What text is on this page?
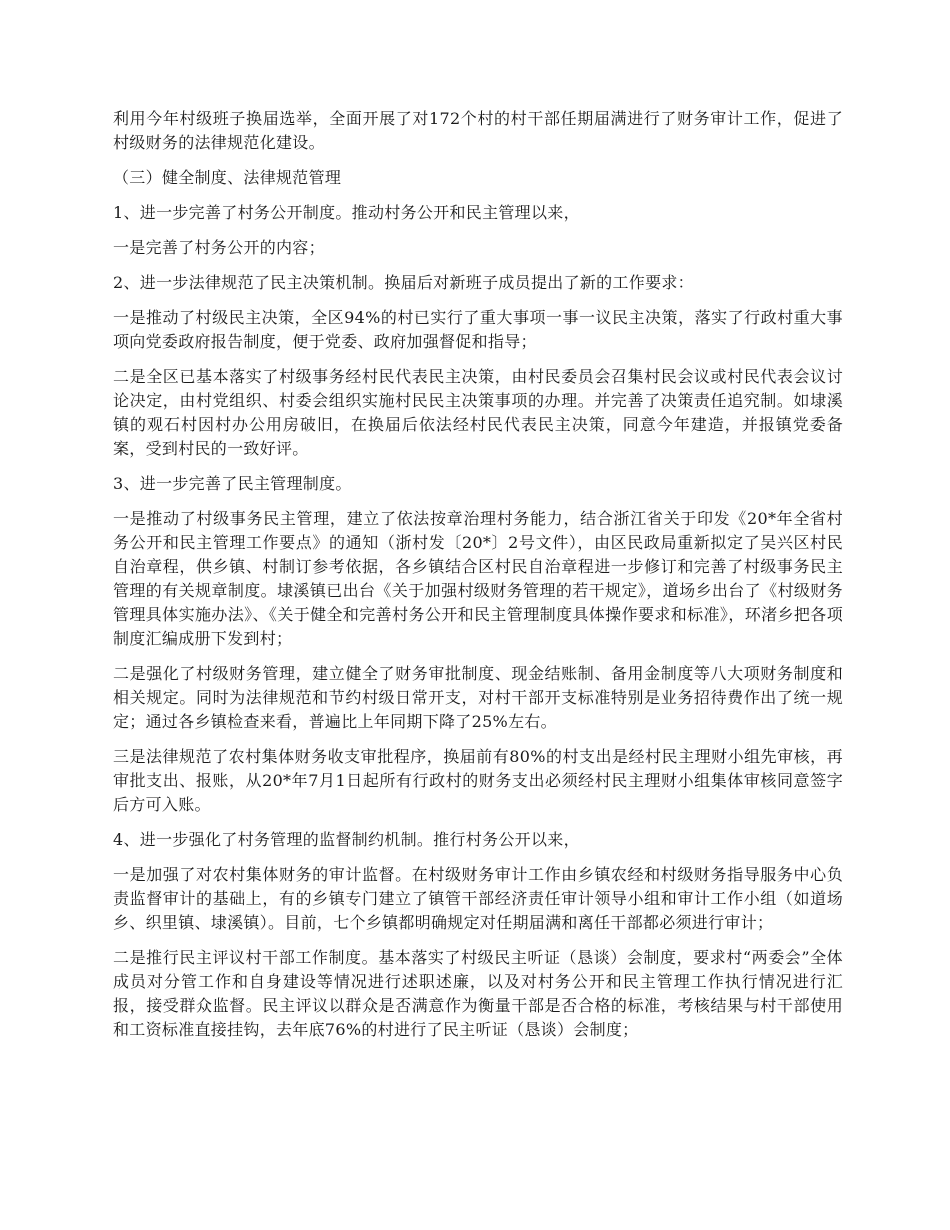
利用今年村级班子换届选举，全面开展了对172个村的村干部任期届满进行了财务审计工作，促进了村级财务的法律规范化建设。

（三）健全制度、法律规范管理

1、进一步完善了村务公开制度。推动村务公开和民主管理以来，

一是完善了村务公开的内容；

2、进一步法律规范了民主决策机制。换届后对新班子成员提出了新的工作要求：

一是推动了村级民主决策，全区94%的村已实行了重大事项一事一议民主决策，落实了行政村重大事项向党委政府报告制度，便于党委、政府加强督促和指导；

二是全区已基本落实了村级事务经村民代表民主决策，由村民委员会召集村民会议或村民代表会议讨论决定，由村党组织、村委会组织实施村民民主决策事项的办理。并完善了决策责任追究制。如埭溪镇的观石村因村办公用房破旧，在换届后依法经村民代表民主决策，同意今年建造，并报镇党委备案，受到村民的一致好评。

3、进一步完善了民主管理制度。

一是推动了村级事务民主管理，建立了依法按章治理村务能力，结合浙江省关于印发《20*年全省村务公开和民主管理工作要点》的通知（浙村发〔20*〕2号文件），由区民政局重新拟定了吴兴区村民自治章程，供乡镇、村制订参考依据，各乡镇结合区村民自治章程进一步修订和完善了村级事务民主管理的有关规章制度。埭溪镇已出台《关于加强村级财务管理的若干规定》，道场乡出台了《村级财务管理具体实施办法》、《关于健全和完善村务公开和民主管理制度具体操作要求和标准》，环渚乡把各项制度汇编成册下发到村；

二是强化了村级财务管理，建立健全了财务审批制度、现金结账制、备用金制度等八大项财务制度和相关规定。同时为法律规范和节约村级日常开支，对村干部开支标准特别是业务招待费作出了统一规定；通过各乡镇检查来看，普遍比上年同期下降了25%左右。

三是法律规范了农村集体财务收支审批程序，换届前有80%的村支出是经村民主理财小组先审核，再审批支出、报账，从20*年7月1日起所有行政村的财务支出必须经村民主理财小组集体审核同意签字后方可入账。

4、进一步强化了村务管理的监督制约机制。推行村务公开以来，

一是加强了对农村集体财务的审计监督。在村级财务审计工作由乡镇农经和村级财务指导服务中心负责监督审计的基础上，有的乡镇专门建立了镇管干部经济责任审计领导小组和审计工作小组（如道场乡、织里镇、埭溪镇）。目前，七个乡镇都明确规定对任期届满和离任干部都必须进行审计；

二是推行民主评议村干部工作制度。基本落实了村级民主听证（恳谈）会制度，要求村“两委会”全体成员对分管工作和自身建设等情况进行述职述廉，以及对村务公开和民主管理工作执行情况进行汇报，接受群众监督。民主评议以群众是否满意作为衡量干部是否合格的标准，考核结果与村干部使用和工资标准直接挂钩，去年底76%的村进行了民主听证（恳谈）会制度；
